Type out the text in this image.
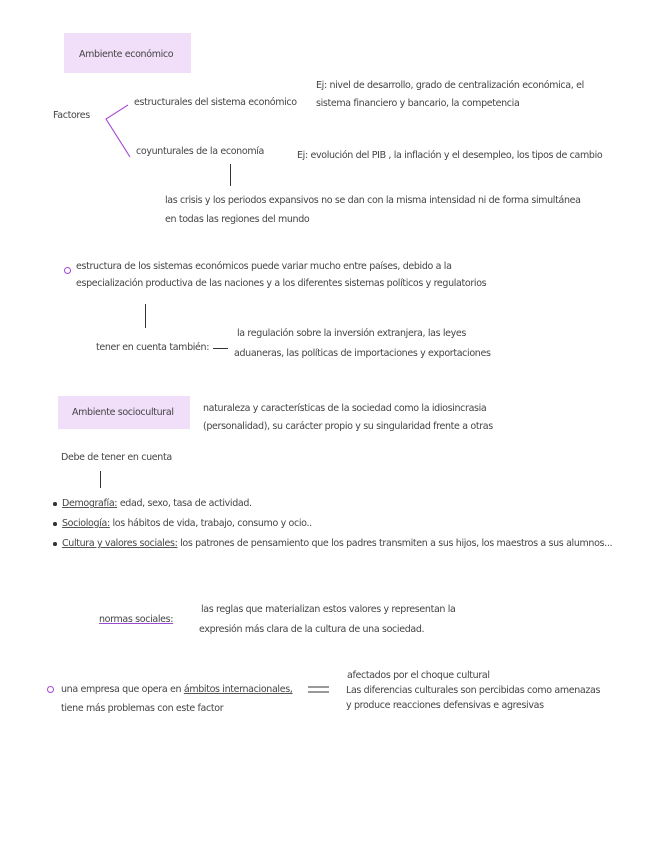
Ambiente económico
Factores
estructurales del sistema económico
Ej: nivel de desarrollo, grado de centralización económica, el
sistema financiero y bancario, la competencia
coyunturales de la economía	Ej: evolución del PIB , la inflación y el desempleo, los tipos de cambio
las crisis y los periodos expansivos no se dan con la misma intensidad ni de forma simultánea
en todas las regiones del mundo
estructura de los sistemas económicos puede variar mucho entre países, debido a la
especialización productiva de las naciones y a los diferentes sistemas políticos y regulatorios
tener en cuenta también:
la regulación sobre la inversión extranjera, las leyes
aduaneras, las políticas de importaciones y exportaciones
Ambiente sociocultural	naturaleza y características de la sociedad como la idiosincrasia
(personalidad), su carácter propio y su singularidad frente a otras
Debe de tener en cuenta
Demografía: edad, sexo, tasa de actividad.
Sociología: los hábitos de vida, trabajo, consumo y ocio..
Cultura y valores sociales: los patrones de pensamiento que los padres transmiten a sus hijos, los maestros a sus alumnos...
normas sociales:
las reglas que materializan estos valores y representan la
expresión más clara de la cultura de una sociedad.
una empresa que opera en ámbitos internacionales,
tiene más problemas con este factor
afectados por el choque cultural
Las diferencias culturales son percibidas como amenazas
y produce reacciones defensivas e agresivas
